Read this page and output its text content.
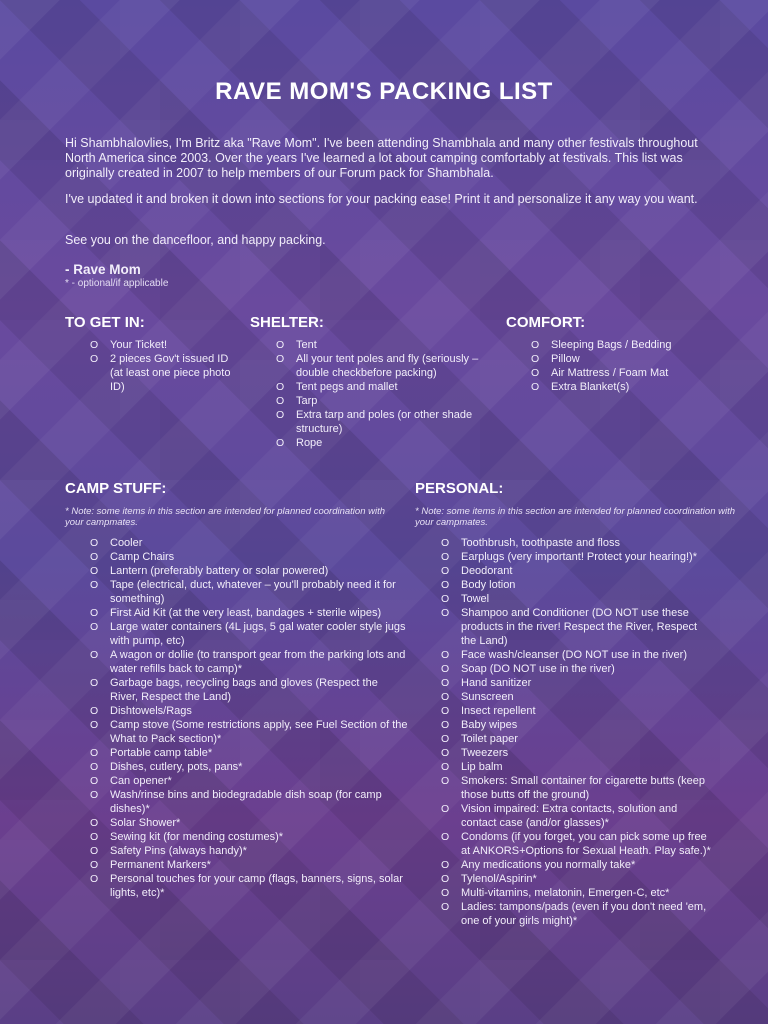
RAVE MOM'S PACKING LIST

Hi Shambhalovlies, I'm Britz aka "Rave Mom". I've been attending Shambhala and many other festivals throughout North America since 2003. Over the years I've learned a lot about camping comfortably at festivals. This list was originally created in 2007 to help members of our Forum pack for Shambhala.

I've updated it and broken it down into sections for your packing ease! Print it and personalize it any way you want.

See you on the dancefloor, and happy packing.

- Rave Mom
* - optional/if applicable
TO GET IN:
O Your Ticket!
O 2 pieces Gov't issued ID (at least one piece photo ID)
SHELTER:
O Tent
O All your tent poles and fly (seriously – double checkbefore packing)
O Tent pegs and mallet
O Tarp
O Extra tarp and poles (or other shade structure)
O Rope
COMFORT:
O Sleeping Bags / Bedding
O Pillow
O Air Mattress / Foam Mat
O Extra Blanket(s)
CAMP STUFF:
* Note: some items in this section are intended for planned coordination with your campmates.
O Cooler
O Camp Chairs
O Lantern (preferably battery or solar powered)
O Tape (electrical, duct, whatever – you'll probably need it for something)
O First Aid Kit (at the very least, bandages + sterile wipes)
O Large water containers (4L jugs, 5 gal water cooler style jugs with pump, etc)
O A wagon or dollie (to transport gear from the parking lots and water refills back to camp)*
O Garbage bags, recycling bags and gloves (Respect the River, Respect the Land)
O Dishtowels/Rags
O Camp stove (Some restrictions apply, see Fuel Section of the What to Pack section)*
O Portable camp table*
O Dishes, cutlery, pots, pans*
O Can opener*
O Wash/rinse bins and biodegradable dish soap (for camp dishes)*
O Solar Shower*
O Sewing kit (for mending costumes)*
O Safety Pins (always handy)*
O Permanent Markers*
O Personal touches for your camp (flags, banners, signs, solar lights, etc)*
PERSONAL:
* Note: some items in this section are intended for planned coordination with your campmates.
O Toothbrush, toothpaste and floss
O Earplugs (very important! Protect your hearing!)*
O Deodorant
O Body lotion
O Towel
O Shampoo and Conditioner (DO NOT use these products in the river! Respect the River, Respect the Land)
O Face wash/cleanser (DO NOT use in the river)
O Soap (DO NOT use in the river)
O Hand sanitizer
O Sunscreen
O Insect repellent
O Baby wipes
O Toilet paper
O Tweezers
O Lip balm
O Smokers: Small container for cigarette butts (keep those butts off the ground)
O Vision impaired: Extra contacts, solution and contact case (and/or glasses)*
O Condoms (if you forget, you can pick some up free at ANKORS+Options for Sexual Heath. Play safe.)*
O Any medications you normally take*
O Tylenol/Aspirin*
O Multi-vitamins, melatonin, Emergen-C, etc*
O Ladies: tampons/pads (even if you don't need 'em, one of your girls might)*
